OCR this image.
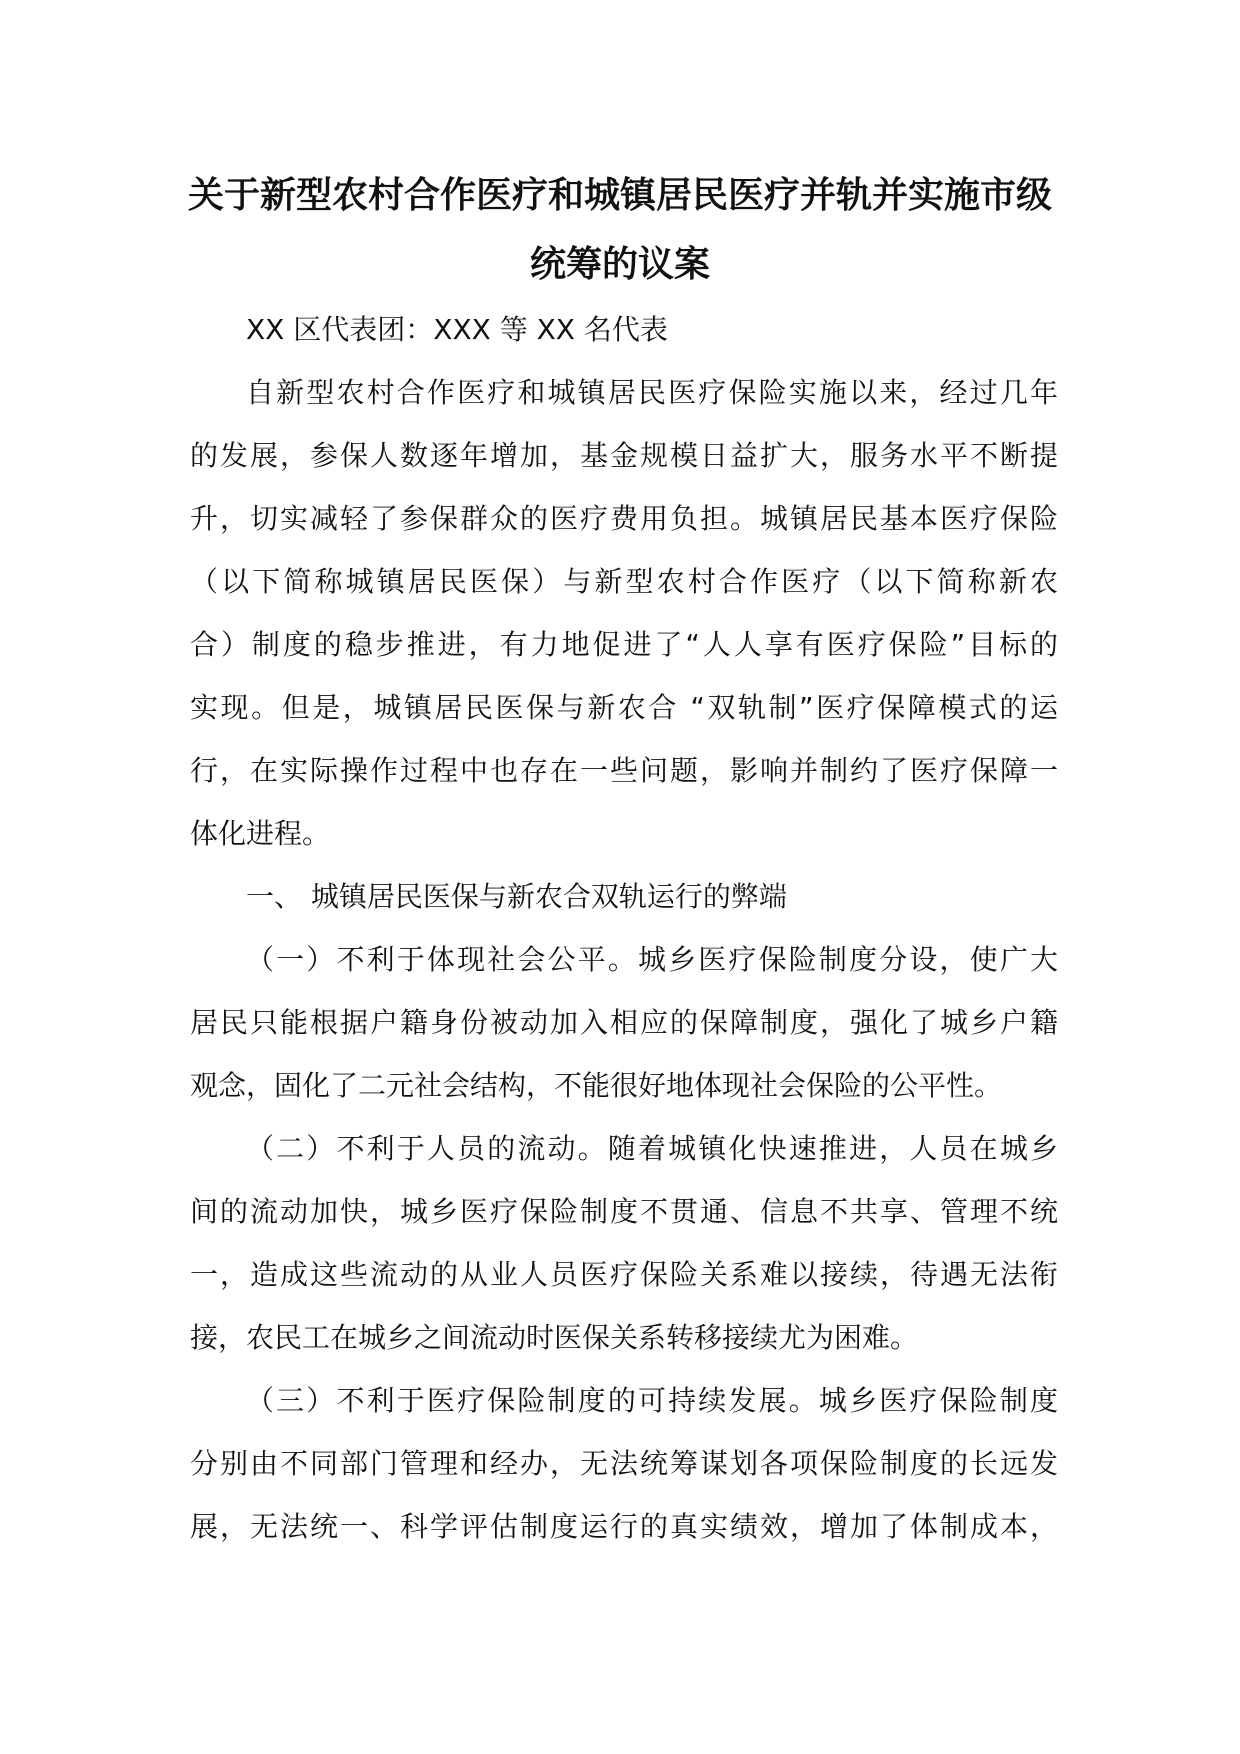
关于新型农村合作医疗和城镇居民医疗并轨并实施市级
统筹的议案
XX 区代表团：XXX 等 XX 名代表
自新型农村合作医疗和城镇居民医疗保险实施以来，经过几年
的发展，参保人数逐年增加，基金规模日益扩大，服务水平不断提
升，切实减轻了参保群众的医疗费用负担。城镇居民基本医疗保险
（以下简称城镇居民医保）与新型农村合作医疗（以下简称新农
合）制度的稳步推进，有力地促进了“人人享有医疗保险”目标的
实现。但是，城镇居民医保与新农合 “双轨制”医疗保障模式的运
行，在实际操作过程中也存在一些问题，影响并制约了医疗保障一
体化进程。
一、 城镇居民医保与新农合双轨运行的弊端
（一）不利于体现社会公平。城乡医疗保险制度分设，使广大
居民只能根据户籍身份被动加入相应的保障制度，强化了城乡户籍
观念，固化了二元社会结构，不能很好地体现社会保险的公平性。
（二）不利于人员的流动。随着城镇化快速推进，人员在城乡
间的流动加快，城乡医疗保险制度不贯通、信息不共享、管理不统
一，造成这些流动的从业人员医疗保险关系难以接续，待遇无法衔
接，农民工在城乡之间流动时医保关系转移接续尤为困难。
（三）不利于医疗保险制度的可持续发展。城乡医疗保险制度
分别由不同部门管理和经办，无法统筹谋划各项保险制度的长远发
展，无法统一、科学评估制度运行的真实绩效，增加了体制成本，
